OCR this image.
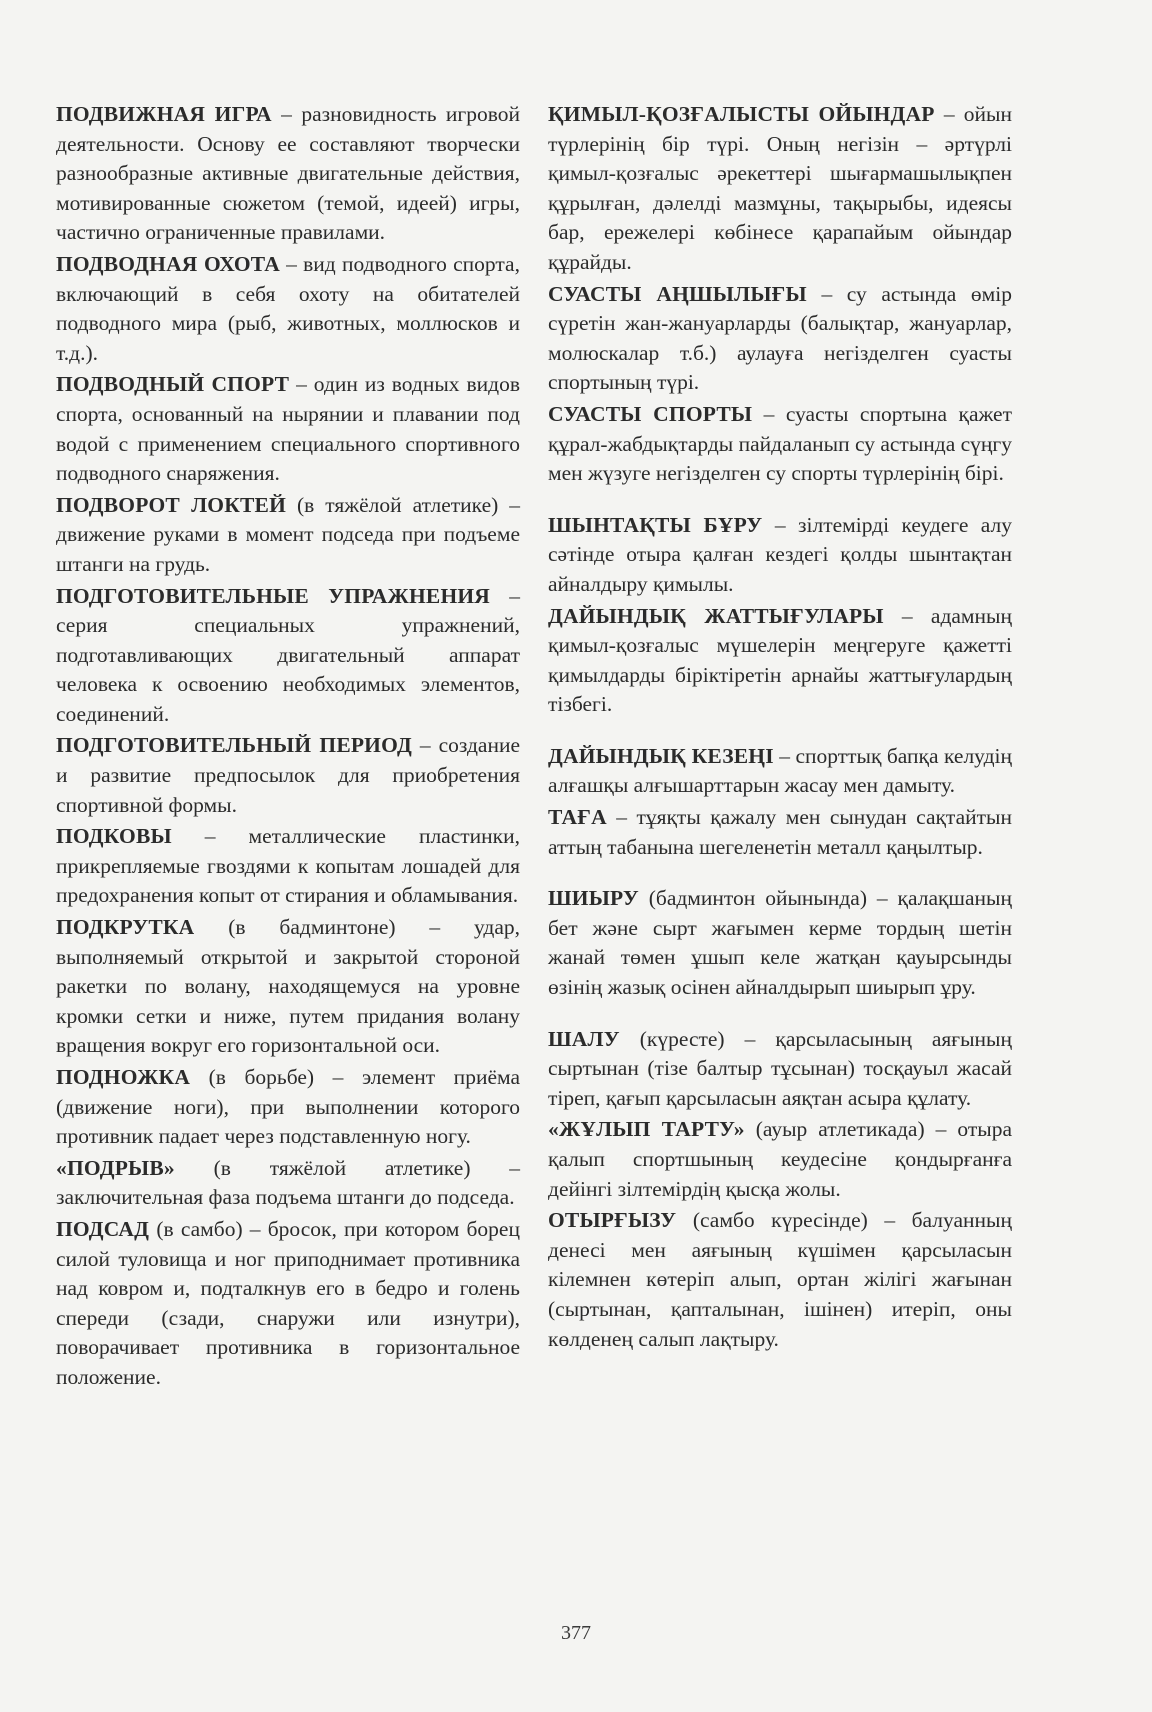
ПОДВИЖНАЯ ИГРА – разновидность игровой деятельности. Основу ее составляют творчески разнообразные активные двигательные действия, мотивированные сюжетом (темой, идеей) игры, частично ограниченные правилами.

ПОДВОДНАЯ ОХОТА – вид подводного спорта, включающий в себя охоту на обитателей подводного мира (рыб, животных, моллюсков и т.д.).

ПОДВОДНЫЙ СПОРТ – один из водных видов спорта, основанный на нырянии и плавании под водой с применением специального спортивного подводного снаряжения.

ПОДВОРОТ ЛОКТЕЙ (в тяжёлой атлетике) – движение руками в момент подседа при подъеме штанги на грудь.

ПОДГОТОВИТЕЛЬНЫЕ УПРАЖНЕНИЯ – серия специальных упражнений, подготавливающих двигательный аппарат человека к освоению необходимых элементов, соединений.

ПОДГОТОВИТЕЛЬНЫЙ ПЕРИОД – создание и развитие предпосылок для приобретения спортивной формы.

ПОДКОВЫ – металлические пластинки, прикрепляемые гвоздями к копытам лошадей для предохранения копыт от стирания и обламывания.

ПОДКРУТКА (в бадминтоне) – удар, выполняемый открытой и закрытой стороной ракетки по волану, находящемуся на уровне кромки сетки и ниже, путем придания волану вращения вокруг его горизонтальной оси.

ПОДНОЖКА (в борьбе) – элемент приёма (движение ноги), при выполнении которого противник падает через подставленную ногу.

«ПОДРЫВ» (в тяжёлой атлетике) – заключительная фаза подъема штанги до подседа.

ПОДСАД (в самбо) – бросок, при котором борец силой туловища и ног приподнимает противника над ковром и, подталкнув его в бедро и голень спереди (сзади, снаружи или изнутри), поворачивает противника в горизонтальное положение.

ҚИМЫЛ-ҚОЗҒАЛЫСТЫ ОЙЫНДАР – ойын түрлерінің бір түрі. Оның негізін – әртүрлі қимыл-қозғалыс әрекеттері шығармашылықпен құрылған, дәлелді мазмұны, тақырыбы, идеясы бар, ережелері көбінесе қарапайым ойындар құрайды.

СУАСТЫ АҢШЫЛЫҒЫ – су астында өмір сүретін жан-жануарларды (балықтар, жануарлар, молюскалар т.б.) аулауға негізделген суасты спортының түрі.

СУАСТЫ СПОРТЫ – суасты спортына қажет құрал-жабдықтарды пайдаланып су астында сүңгу мен жүзуге негізделген су спорты түрлерінің бірі.

ШЫНТАҚТЫ БҰРУ – зілтемірді кеудеге алу сәтінде отыра қалған кездегі қолды шынтақтан айналдыру қимылы.

ДАЙЫНДЫҚ ЖАТТЫҒУЛАРЫ – адамның қимыл-қозғалыс мүшелерін меңгеруге қажетті қимылдарды біріктіретін арнайы жаттығулардың тізбегі.

ДАЙЫНДЫҚ КЕЗЕҢІ – спорттық бапқа келудің алғашқы алғышарттарын жасау мен дамыту.

ТАҒА – тұяқты қажалу мен сынудан сақтайтын аттың табанына шегеленетін металл қаңылтыр.

ШИЫРУ (бадминтон ойынында) – қалақшаның бет және сырт жағымен керме тордың шетін жанай төмен ұшып келе жатқан қауырсынды өзінің жазық осінен айналдырып шиырып ұру.

ШАЛУ (күресте) – қарсыласының аяғының сыртынан (тізе балтыр тұсынан) тосқауыл жасай тіреп, қағып қарсыласын аяқтан асыра құлату.

«ЖҰЛЫП ТАРТУ» (ауыр атлетикада) – отыра қалып спортшының кеудесіне қондырғанға дейінгі зілтемірдің қысқа жолы.

ОТЫРҒЫЗУ (самбо күресінде) – балуанның денесі мен аяғының күшімен қарсыласын кілемнен көтеріп алып, ортан жілігі жағынан (сыртынан, қапталынан, ішінен) итеріп, оны көлденең салып лақтыру.

377
